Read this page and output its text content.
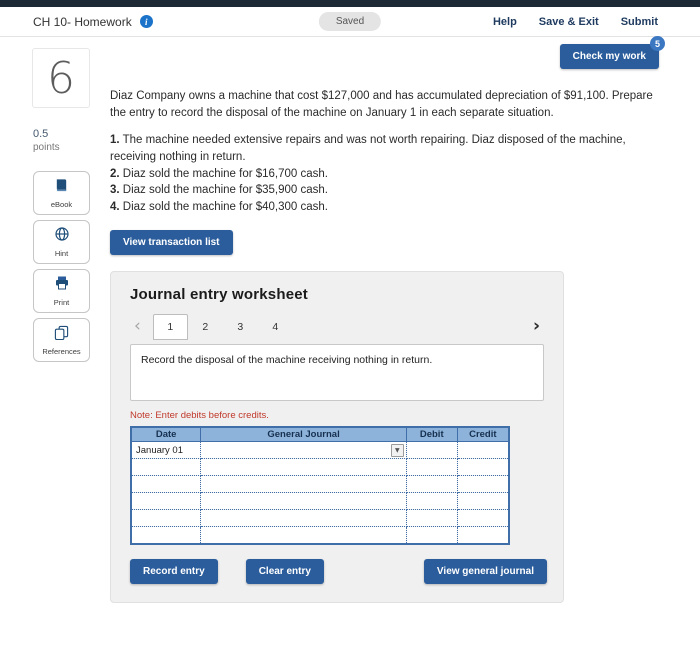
CH 10- Homework	i	Saved	Help Save & Exit Submit
5
Check my work
6
0.5
points
eBook
Hint
Print
References

Diaz Company owns a machine that cost $127,000 and has accumulated depreciation of $91,100. Prepare the entry to record the disposal of the machine on January 1 in each separate situation.

1. The machine needed extensive repairs and was not worth repairing. Diaz disposed of the machine, receiving nothing in return.
2. Diaz sold the machine for $16,700 cash.
3. Diaz sold the machine for $35,900 cash.
4. Diaz sold the machine for $40,300 cash.
View transaction list
Journal entry worksheet
‹	1	2	3	4	›
Record the disposal of the machine receiving nothing in return.
Note: Enter debits before credits.
Date	General Journal	Debit	Credit
January 01	▼		

Record entry	Clear entry	View general journal
